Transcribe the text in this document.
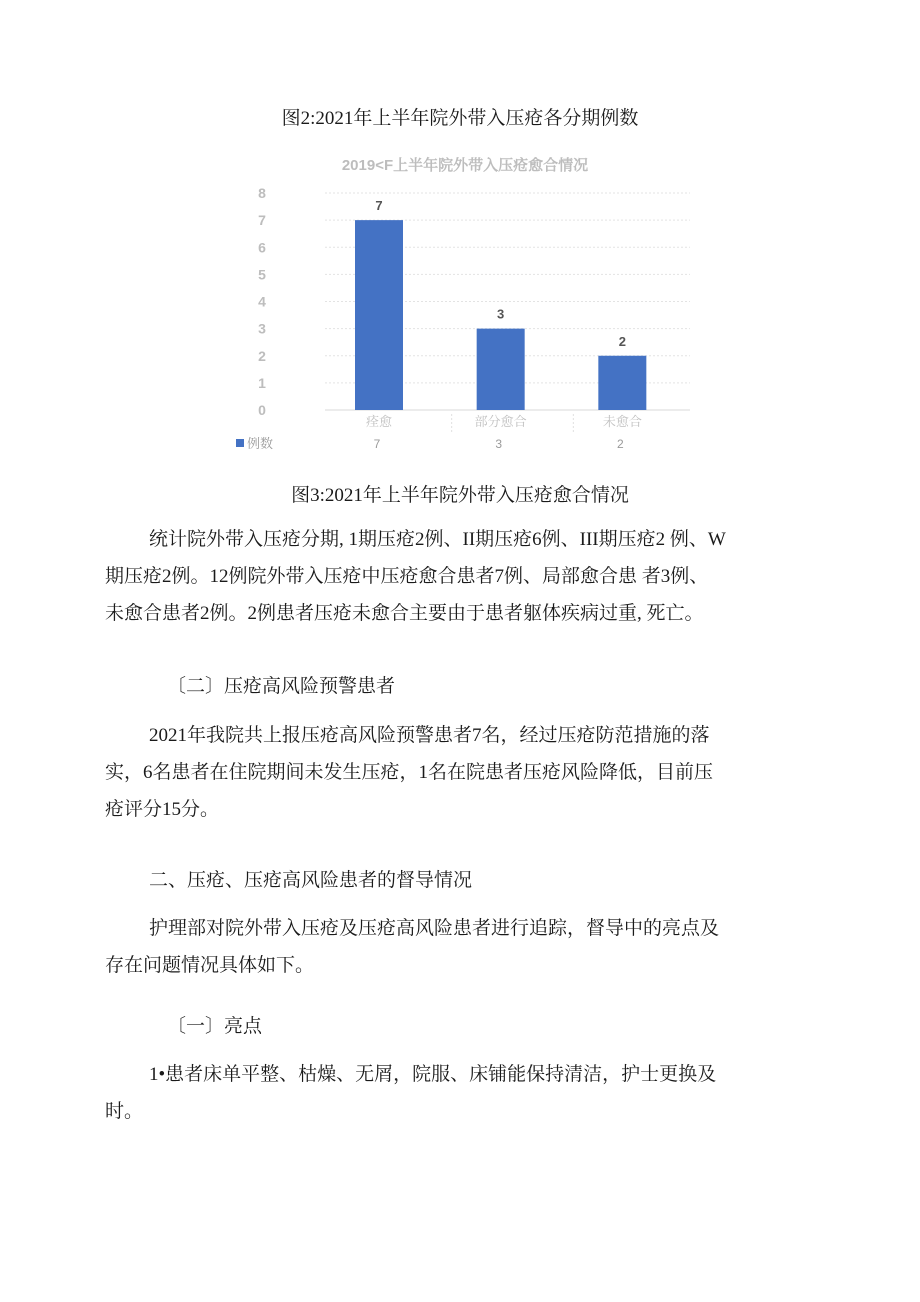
图2:2021年上半年院外带入压疮各分期例数
2019<F上半年院外带入压疮愈合情况
0
1
2
3
4
5
6
7
8
7
3
2
痊愈	部分愈合	未愈合
7	3	2
例数
图3:2021年上半年院外带入压疮愈合情况
统计院外带入压疮分期, 1期压疮2例、II期压疮6例、III期压疮2 例、W
期压疮2例。12例院外带入压疮中压疮愈合患者7例、局部愈合患 者3例、
未愈合患者2例。2例患者压疮未愈合主要由于患者躯体疾病过重, 死亡。
〔二〕压疮高风险预警患者
2021年我院共上报压疮高风险预警患者7名，经过压疮防范措施的落
实，6名患者在住院期间未发生压疮，1名在院患者压疮风险降低，目前压
疮评分15分。
二、压疮、压疮高风险患者的督导情况
护理部对院外带入压疮及压疮高风险患者进行追踪，督导中的亮点及
存在问题情况具体如下。
〔一〕亮点
1•患者床单平整、枯燥、无屑，院服、床铺能保持清洁，护士更换及
时。
